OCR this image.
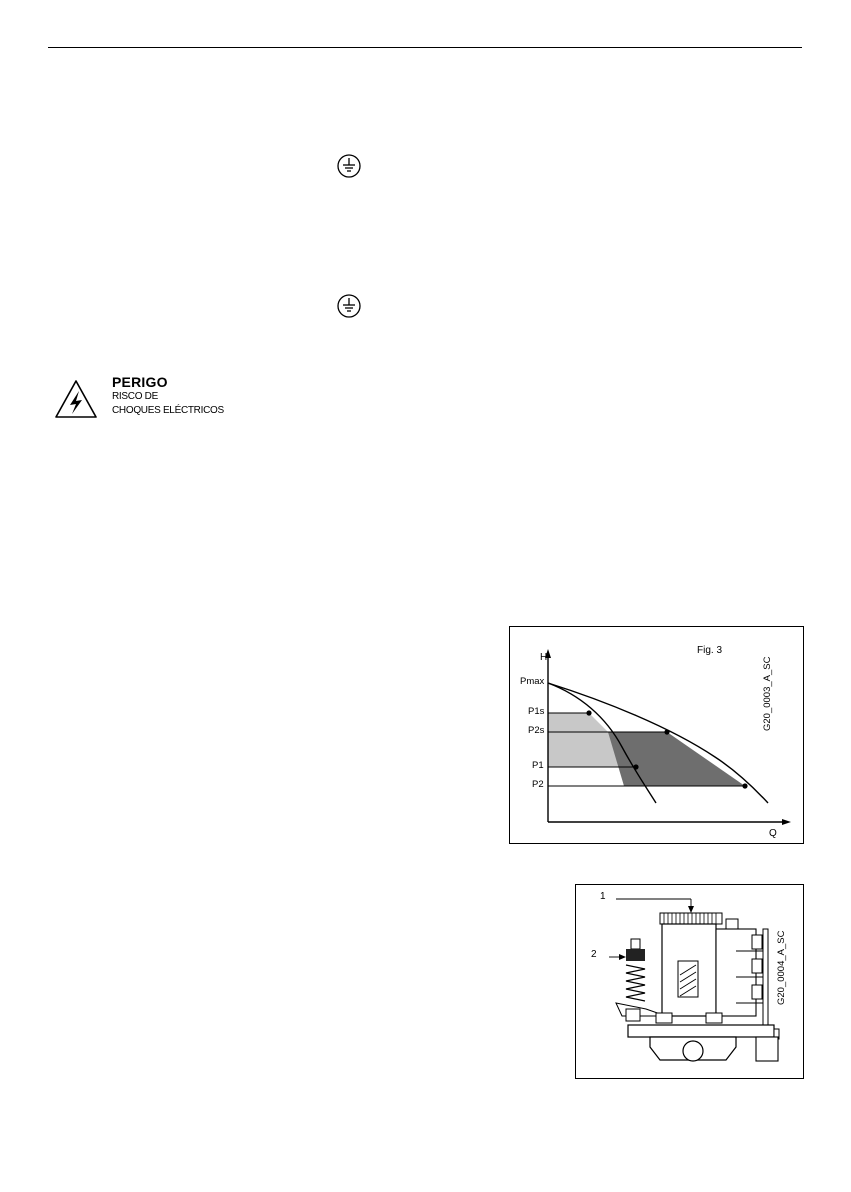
PERIGO
RISCO DE
CHOQUES ELÉCTRICOS
H
Q
Fig. 3
G20_0003_A_SC
Pmax
P1s
P2s
P1
P2
1
2	G20_0004_A_SC
